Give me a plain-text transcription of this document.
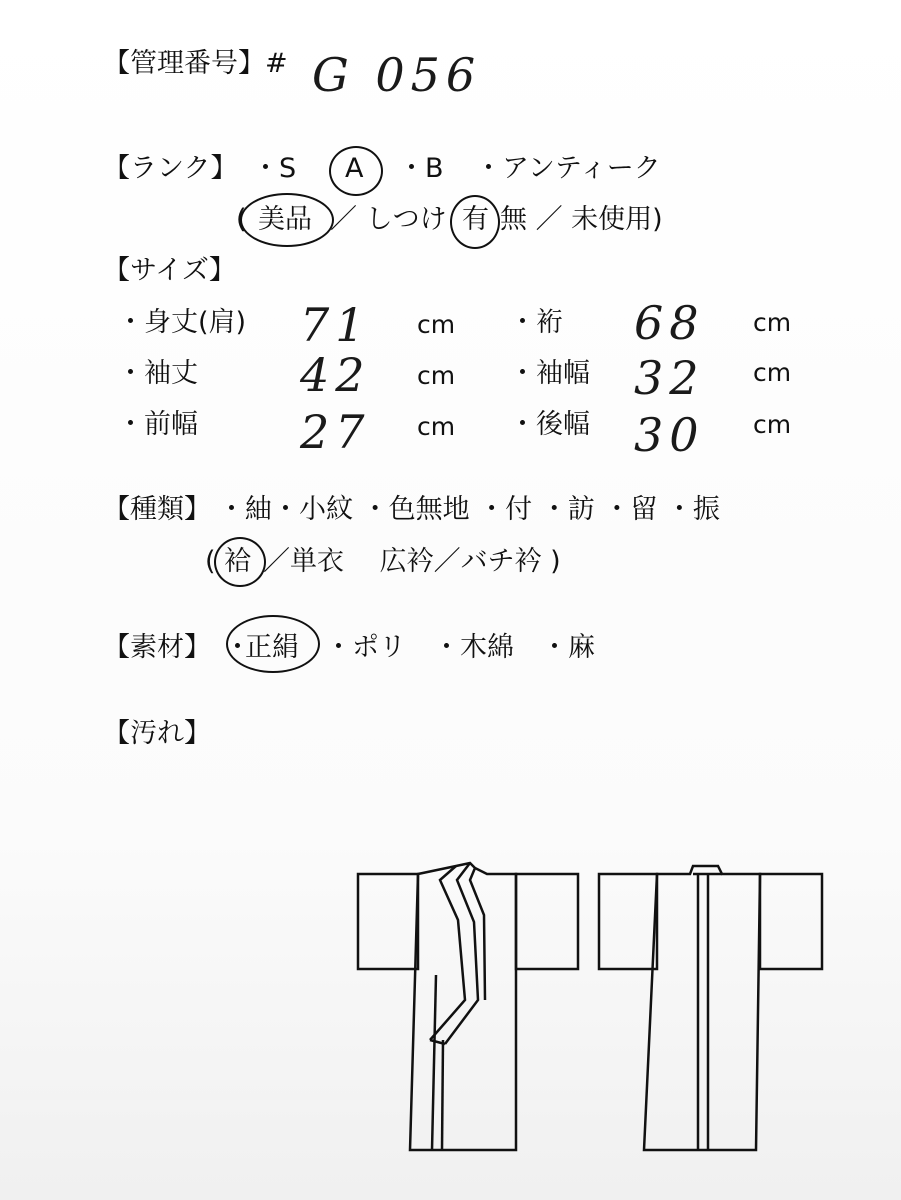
【管理番号】# G 056
【ランク】 ・S A ・B ・アンティーク
( 美品 ／ しつけ 有 無 ／ 未使用)
【サイズ】
・身丈(肩) 71 cm ・裄 68 cm
・袖丈 42 cm ・袖幅 32 cm
・前幅 27 cm ・後幅 30 cm
【種類】 ・紬・小紋 ・色無地 ・付 ・訪 ・留 ・振
( 袷 ／単衣　 広衿／バチ衿 )
【素材】 ・
正絹 ・ポリ　・木綿　・麻
【汚れ】
